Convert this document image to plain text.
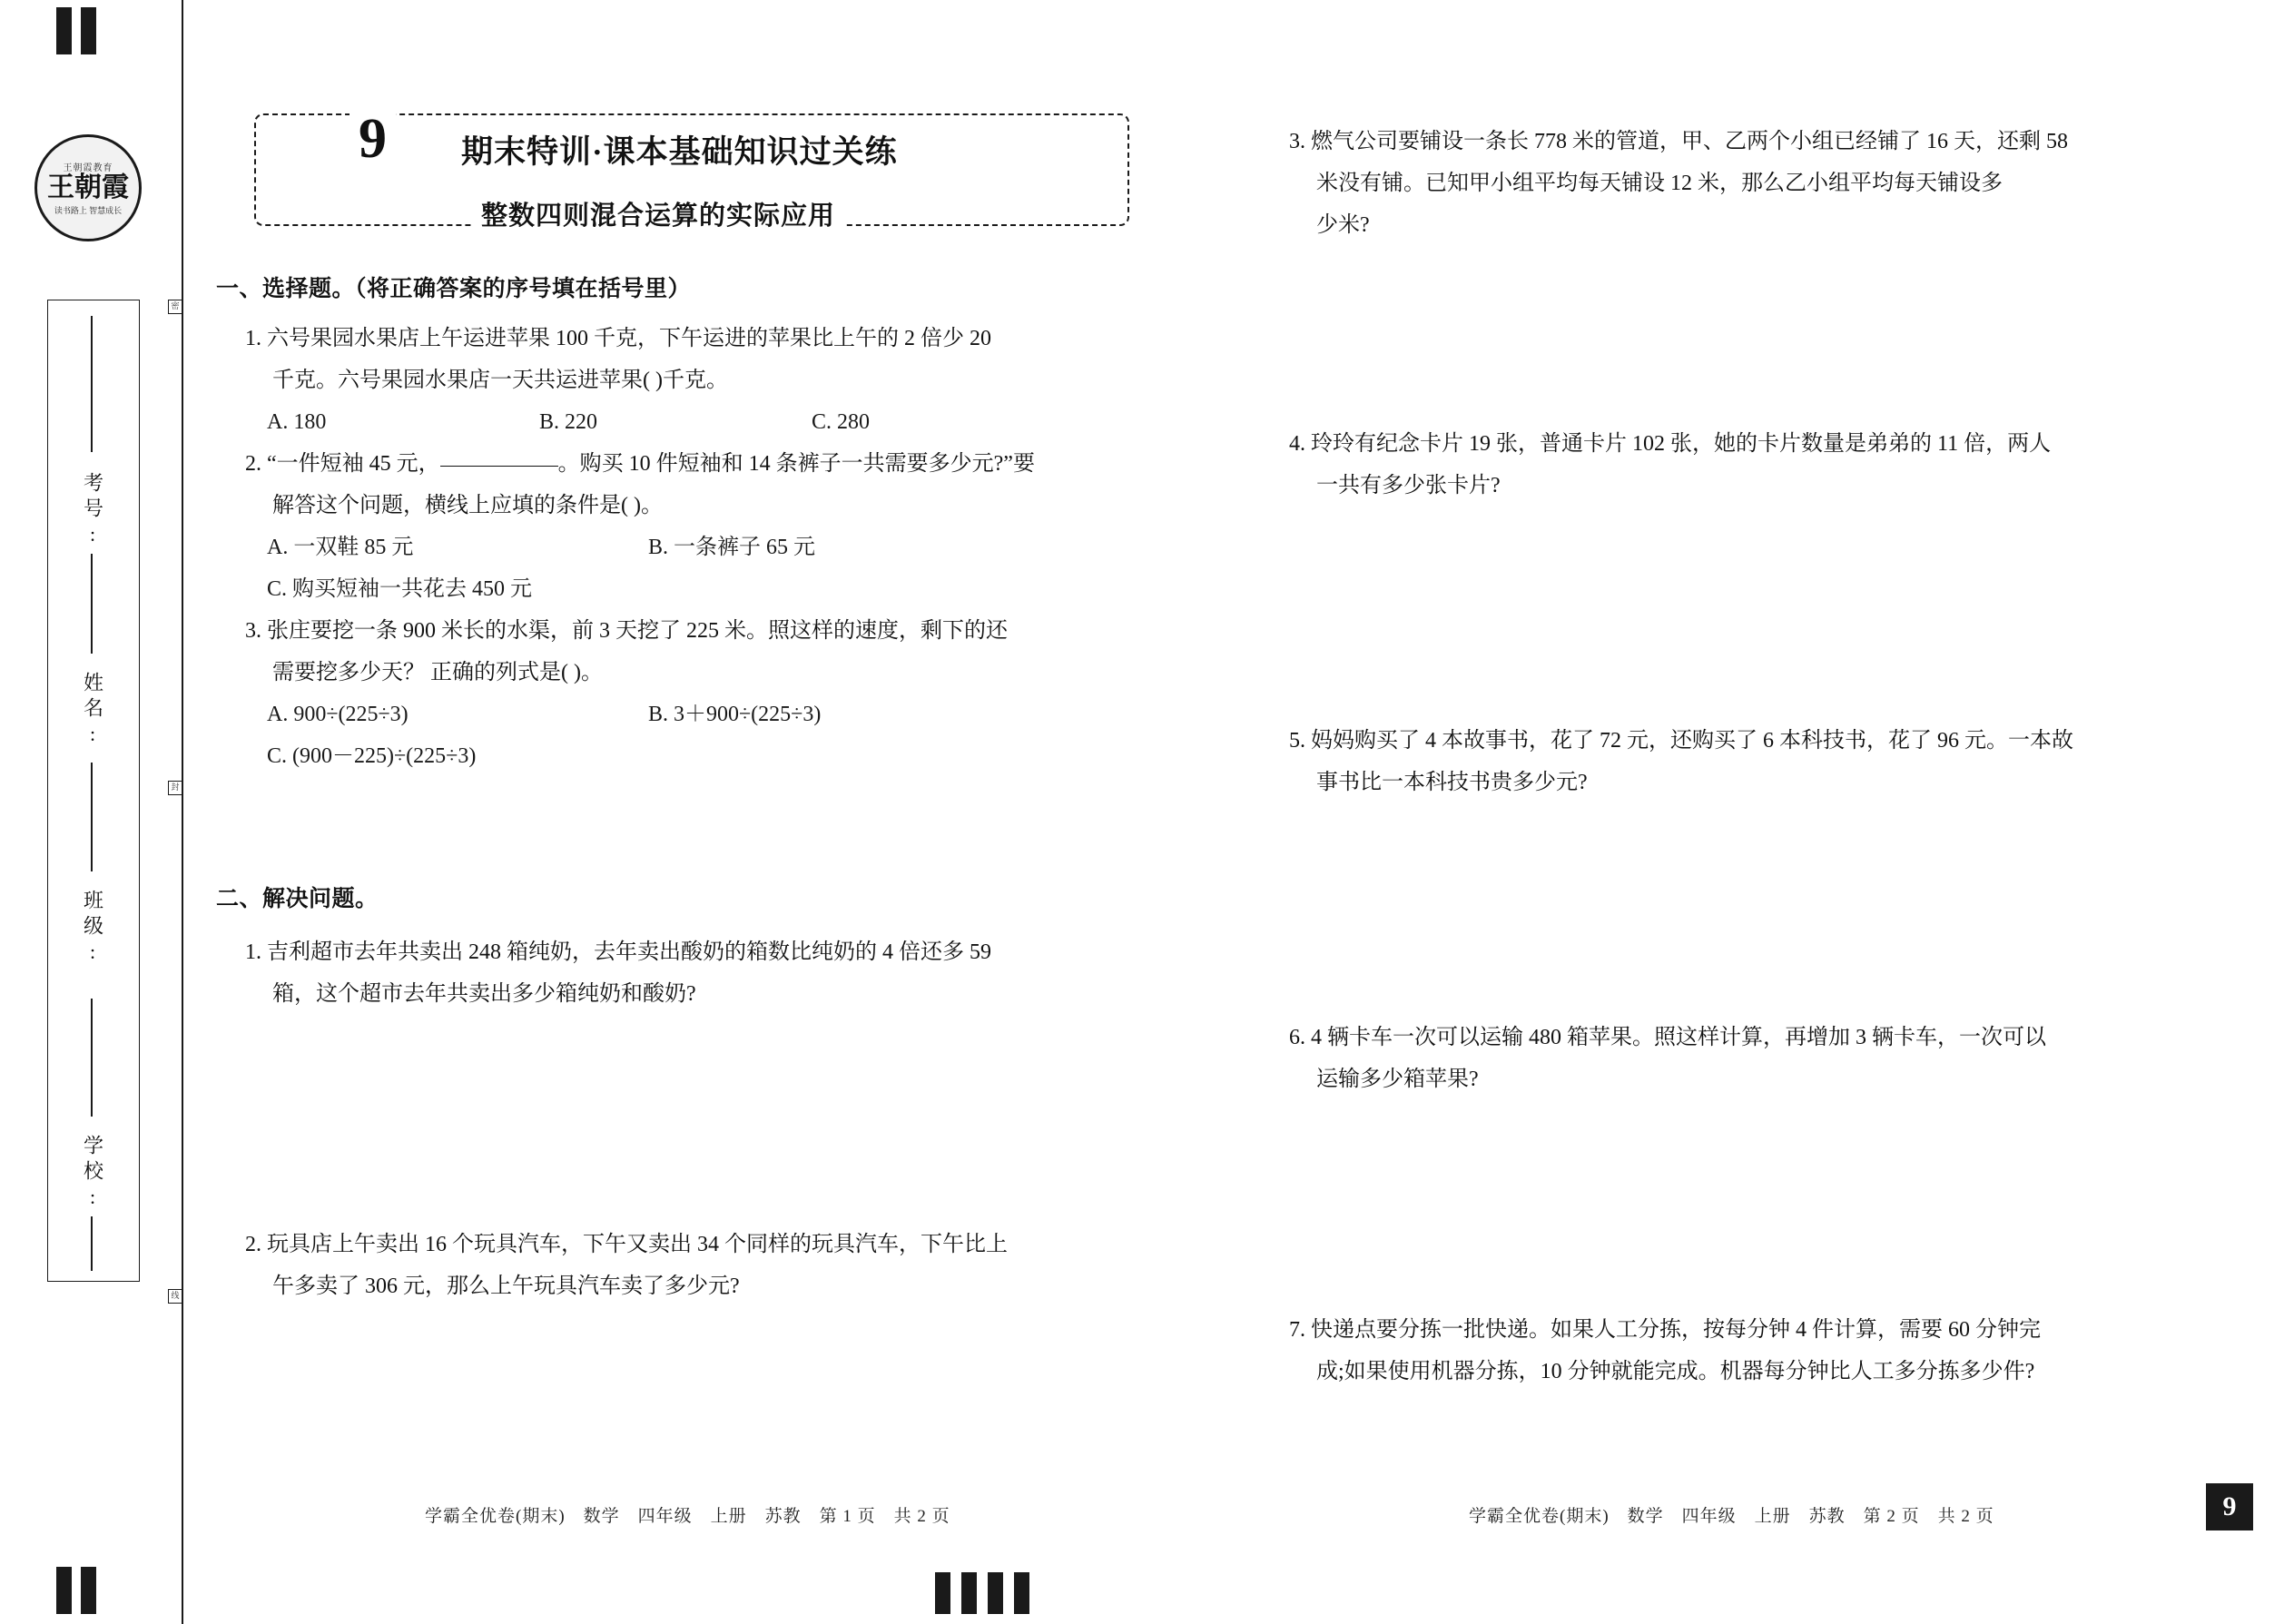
王朝霞教育
王朝霞
读书路上 智慧成长
考号:
姓名:
班级:
学校:
密
封
线
9 期末特训·课本基础知识过关练
整数四则混合运算的实际应用
一、选择题。（将正确答案的序号填在括号里）
1. 六号果园水果店上午运进苹果 100 千克，下午运进的苹果比上午的 2 倍少 20
千克。六号果园水果店一天共运进苹果( )千克。
A. 180	B. 220	C. 280
2. “一件短袖 45 元，	。购买 10 件短袖和 14 条裤子一共需要多少元?”要
解答这个问题，横线上应填的条件是( )。
A. 一双鞋 85 元	B. 一条裤子 65 元
C. 购买短袖一共花去 450 元
3. 张庄要挖一条 900 米长的水渠，前 3 天挖了 225 米。照这样的速度，剩下的还
需要挖多少天？ 正确的列式是( )。
A. 900÷(225÷3)	B. 3＋900÷(225÷3)
C. (900－225)÷(225÷3)
二、解决问题。
1. 吉利超市去年共卖出 248 箱纯奶，去年卖出酸奶的箱数比纯奶的 4 倍还多 59
箱，这个超市去年共卖出多少箱纯奶和酸奶?
2. 玩具店上午卖出 16 个玩具汽车，下午又卖出 34 个同样的玩具汽车，下午比上
午多卖了 306 元，那么上午玩具汽车卖了多少元?
3. 燃气公司要铺设一条长 778 米的管道，甲、乙两个小组已经铺了 16 天，还剩 58
米没有铺。已知甲小组平均每天铺设 12 米，那么乙小组平均每天铺设多
少米?
4. 玲玲有纪念卡片 19 张，普通卡片 102 张，她的卡片数量是弟弟的 11 倍，两人
一共有多少张卡片?
5. 妈妈购买了 4 本故事书，花了 72 元，还购买了 6 本科技书，花了 96 元。一本故
事书比一本科技书贵多少元?
6. 4 辆卡车一次可以运输 480 箱苹果。照这样计算，再增加 3 辆卡车，一次可以
运输多少箱苹果?
7. 快递点要分拣一批快递。如果人工分拣，按每分钟 4 件计算，需要 60 分钟完
成;如果使用机器分拣，10 分钟就能完成。机器每分钟比人工多分拣多少件?
学霸全优卷(期末)　数学　四年级　上册　苏教　第 1 页　共 2 页	学霸全优卷(期末)　数学　四年级　上册　苏教　第 2 页　共 2 页	9
